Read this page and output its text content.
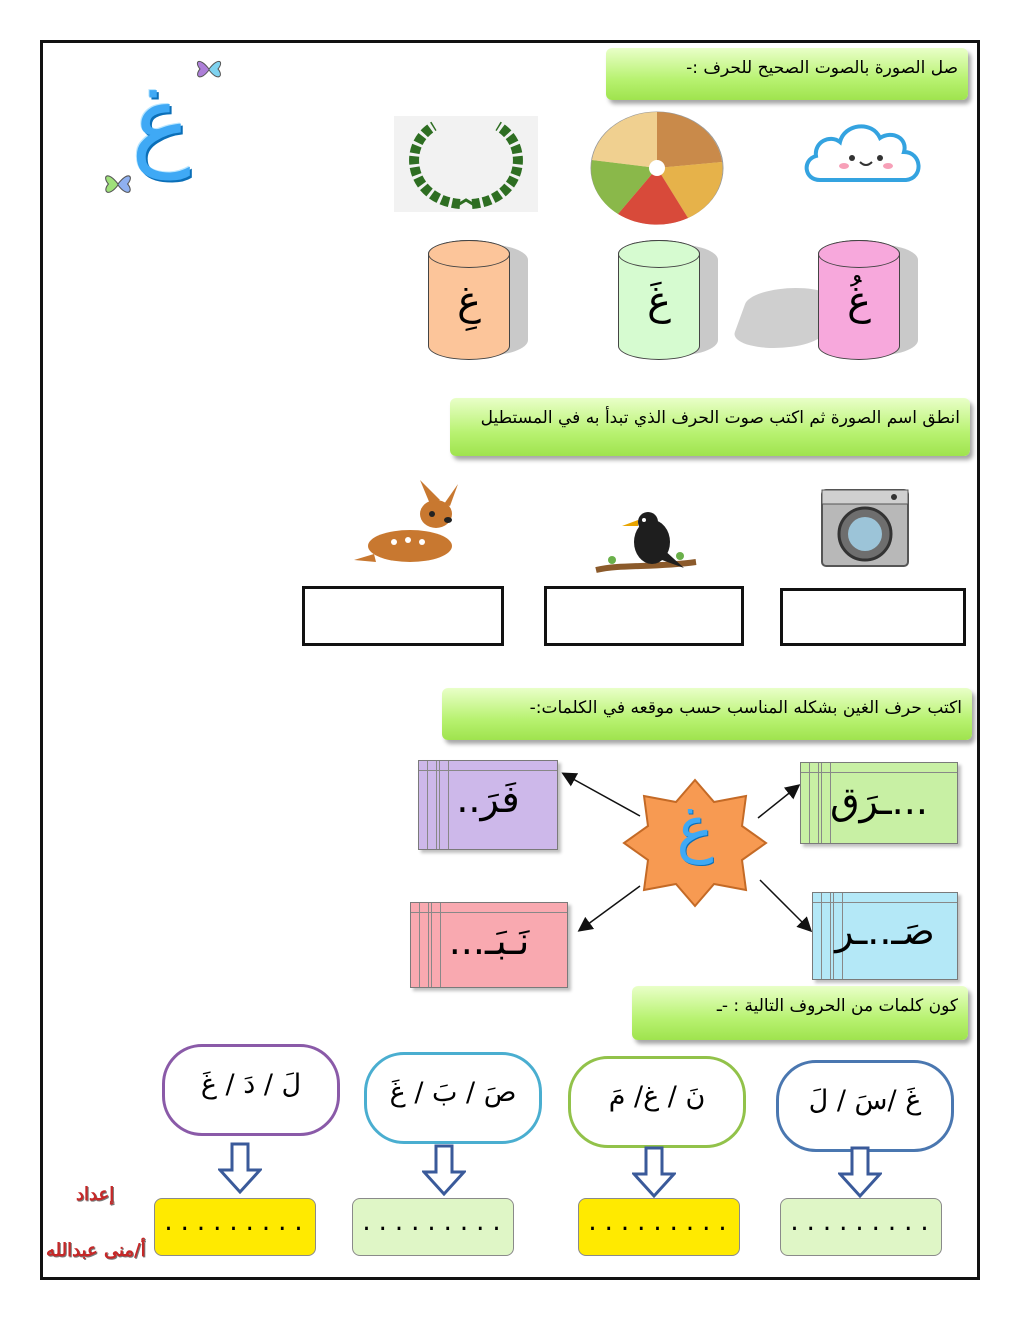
غ	صل الصورة بالصوت الصحيح للحرف :-
غُ
غَ
غِ
انطق اسم الصورة ثم اكتب صوت الحرف الذي تبدأ به في المستطيل
اكتب حرف الغين بشكله المناسب حسب موقعه في الكلمات:-
غ	...ـرَق
فَرَ..
صَـ..ـر
نَـبَـ...
كون كلمات من الحروف التالية : -ـ
غَ /سَ / لَ
نَ / غ/ مَ
صَ / بَ / غَ
لَ / دَ / غَ
.........
.........
.........
.........
إعداد
أ/منى عبدالله
